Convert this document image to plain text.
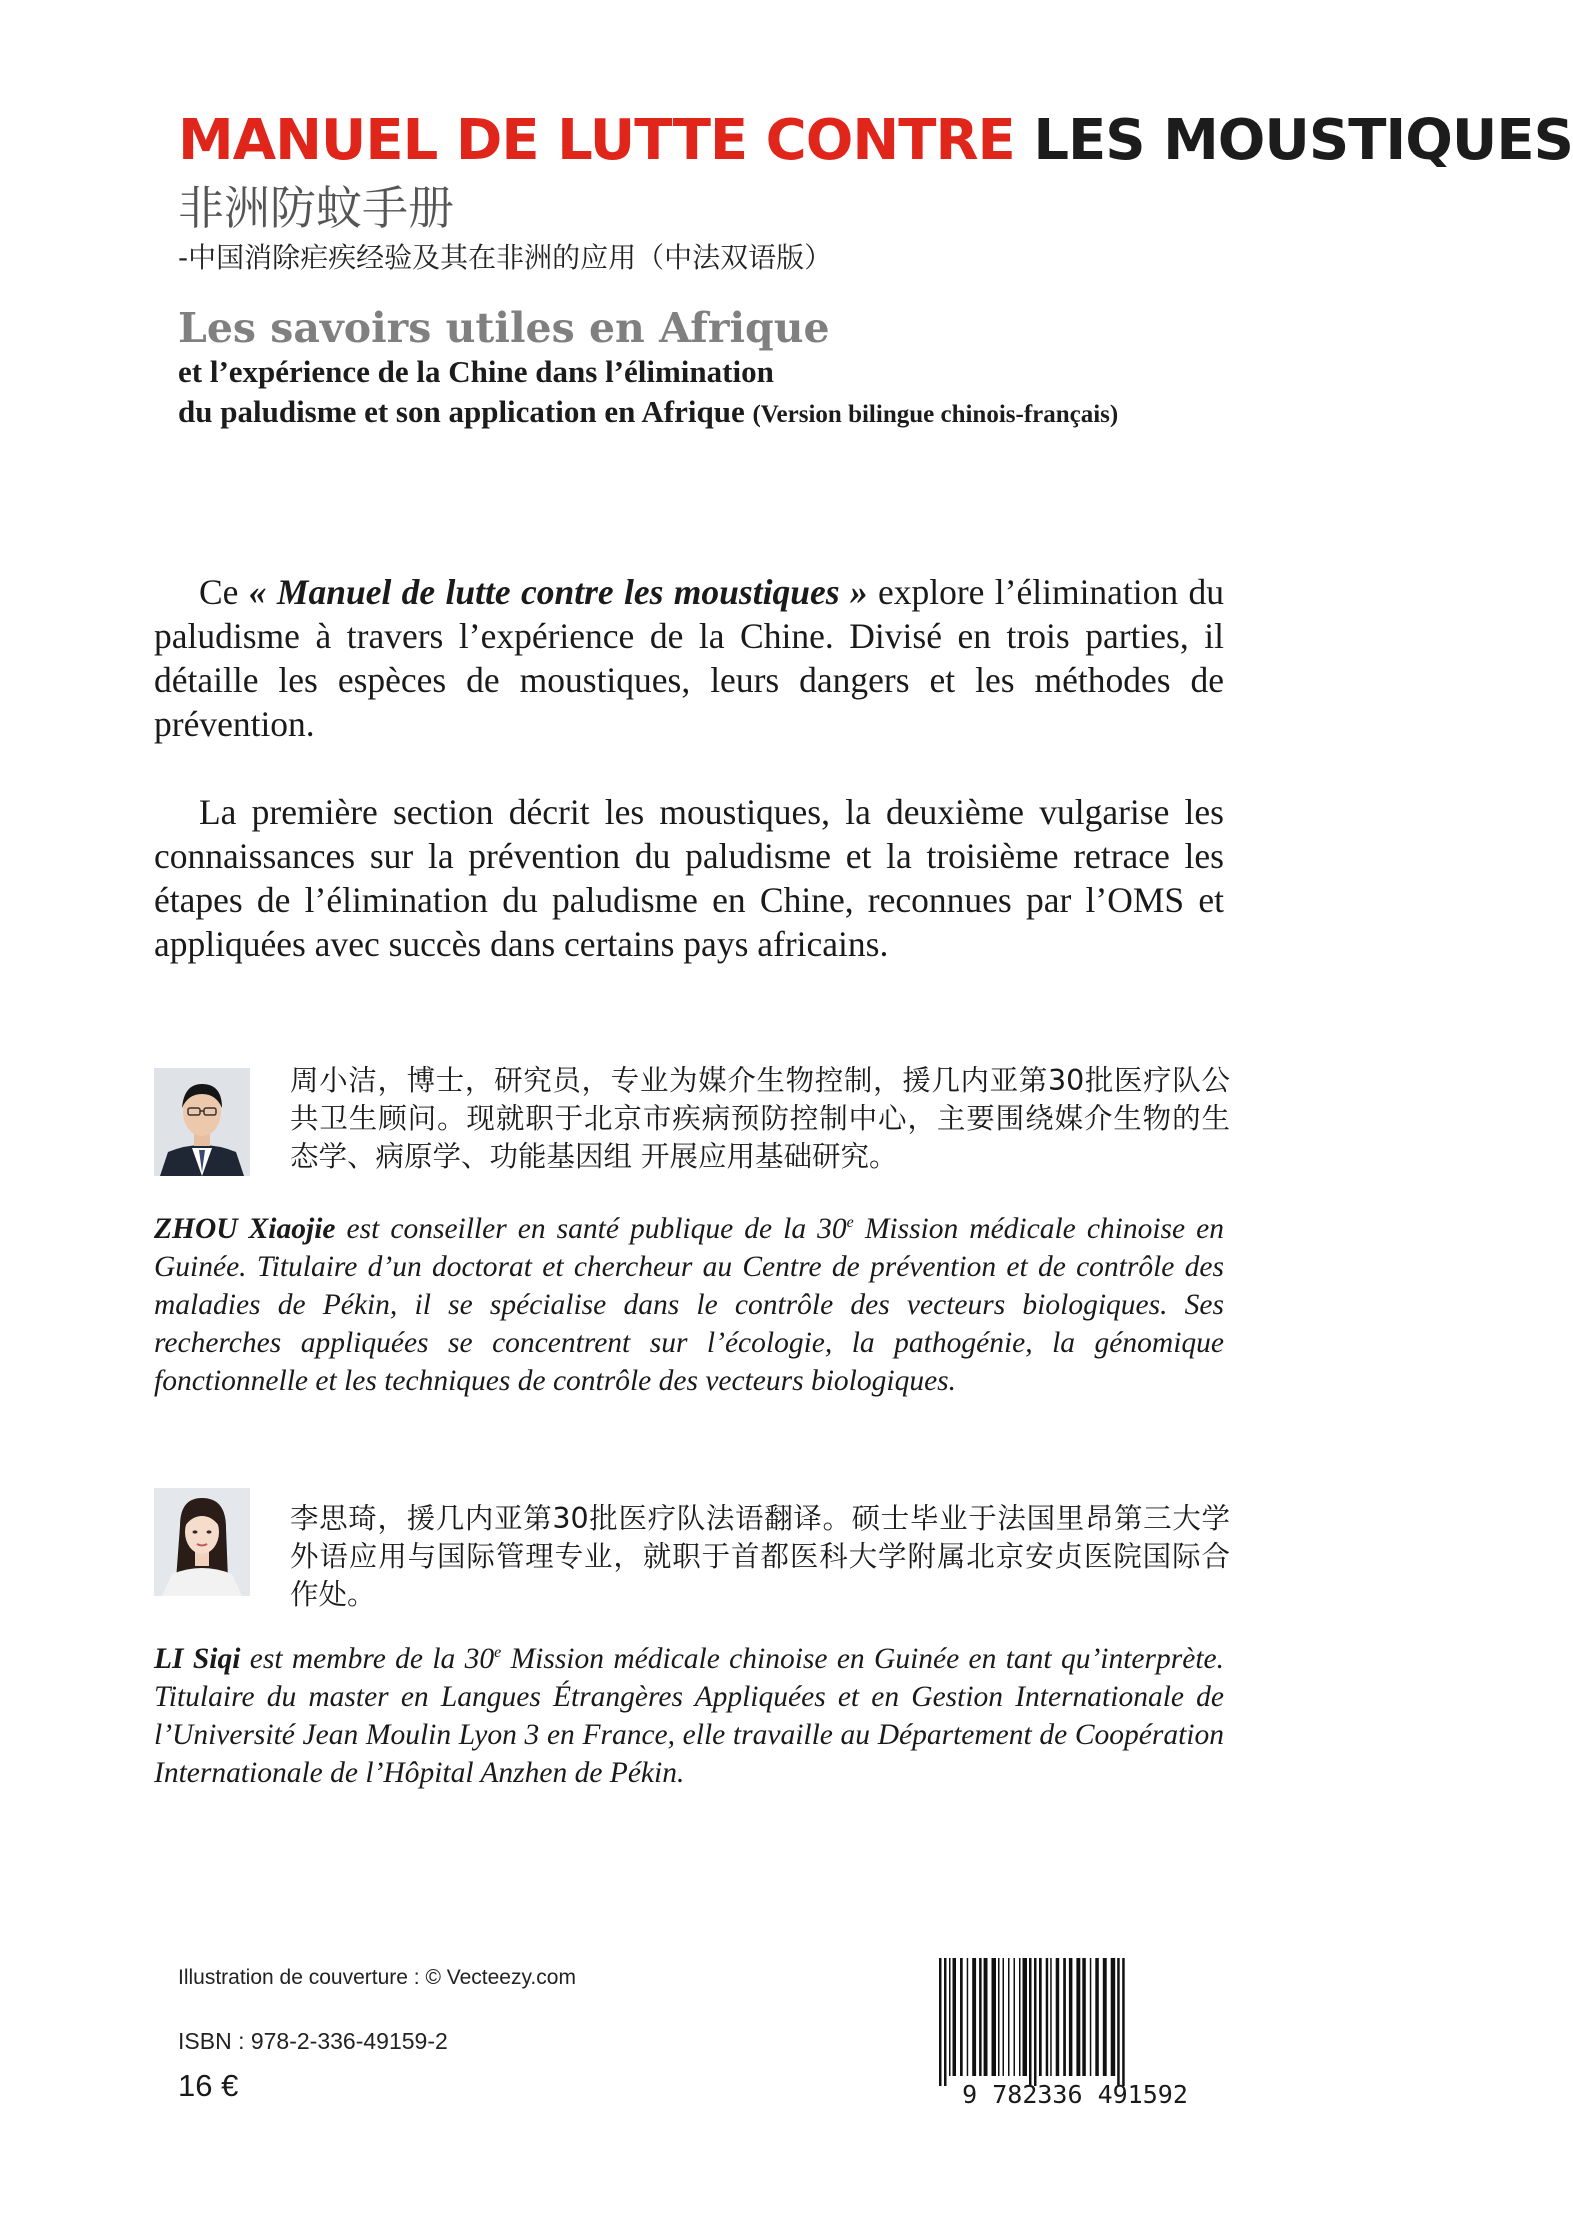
MANUEL DE LUTTE CONTRE LES MOUSTIQUES
非洲防蚊手册
-中国消除疟疾经验及其在非洲的应用（中法双语版）
Les savoirs utiles en Afrique
et l’expérience de la Chine dans l’élimination
du paludisme et son application en Afrique (Version bilingue chinois-français)
Ce « Manuel de lutte contre les moustiques » explore l’élimination du paludisme à travers l’expérience de la Chine. Divisé en trois parties, il détaille les espèces de moustiques, leurs dangers et les méthodes de prévention.
La première section décrit les moustiques, la deuxième vulgarise les connaissances sur la prévention du paludisme et la troisième retrace les étapes de l’élimination du paludisme en Chine, reconnues par l’OMS et appliquées avec succès dans certains pays africains.
周小洁，博士，研究员，专业为媒介生物控制，援几内亚第30批医疗队公共卫生顾问。现就职于北京市疾病预防控制中心，主要围绕媒介生物的生态学、病原学、功能基因组 开展应用基础研究。
ZHOU Xiaojie est conseiller en santé publique de la 30e Mission médicale chinoise en Guinée. Titulaire d’un doctorat et chercheur au Centre de prévention et de contrôle des maladies de Pékin, il se spécialise dans le contrôle des vecteurs biologiques. Ses recherches appliquées se concentrent sur l’écologie, la pathogénie, la génomique fonctionnelle et les techniques de contrôle des vecteurs biologiques.
李思琦，援几内亚第30批医疗队法语翻译。硕士毕业于法国里昂第三大学外语应用与国际管理专业，就职于首都医科大学附属北京安贞医院国际合作处。
LI Siqi est membre de la 30e Mission médicale chinoise en Guinée en tant qu’interprète. Titulaire du master en Langues Étrangères Appliquées et en Gestion Internationale de l’Université Jean Moulin Lyon 3 en France, elle travaille au Département de Coopération Internationale de l’Hôpital Anzhen de Pékin.
Illustration de couverture : © Vecteezy.com
ISBN : 978-2-336-49159-2
16 €	9 782336 491592
